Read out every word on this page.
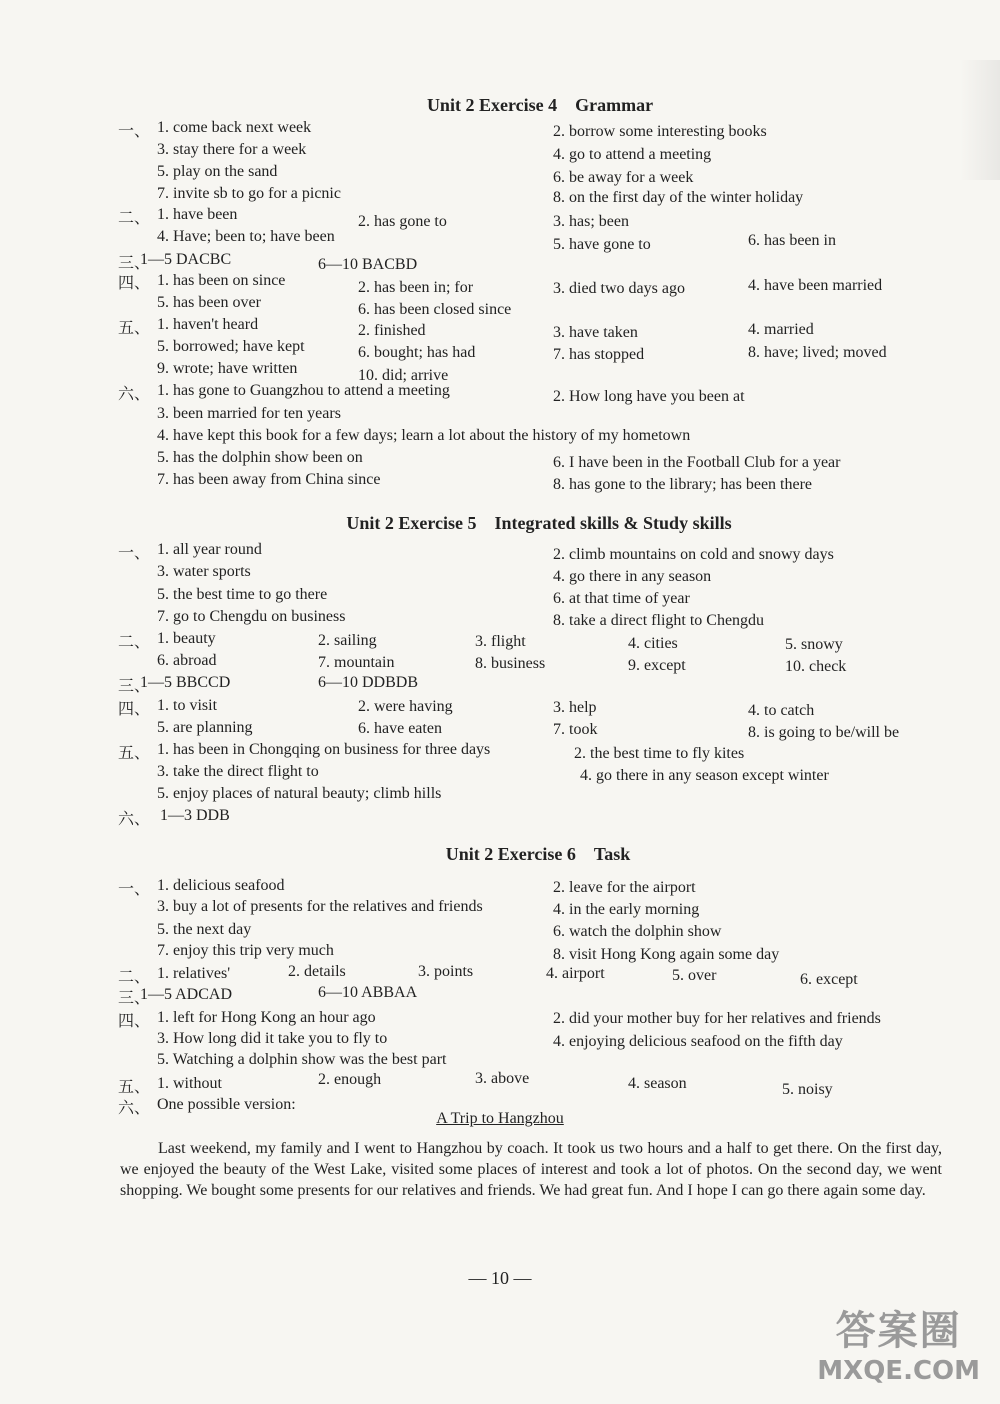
Unit 2 Exercise 4　Grammar
一、 1. come back next week	2. borrow some interesting books
3. stay there for a week	4. go to attend a meeting
5. play on the sand	6. be away for a week
7. invite sb to go for a picnic	8. on the first day of the winter holiday
二、 1. have been	2. has gone to	3. has; been
4. Have; been to; have been	5. have gone to	6. has been in
三、
1—5 DACBC	6—10 BACBD
四、 1. has been on since	2. has been in; for	3. died two days ago	4. have been married
5. has been over	6. has been closed since
五、 1. haven't heard	2. finished	3. have taken	4. married
5. borrowed; have kept	6. bought; has had	7. has stopped	8. have; lived; moved
9. wrote; have written	10. did; arrive
六、 1. has gone to Guangzhou to attend a meeting	2. How long have you been at
3. been married for ten years
4. have kept this book for a few days; learn a lot about the history of my hometown
5. has the dolphin show been on	6. I have been in the Football Club for a year
7. has been away from China since	8. has gone to the library; has been there
Unit 2 Exercise 5　Integrated skills & Study skills
一、 1. all year round	2. climb mountains on cold and snowy days
3. water sports	4. go there in any season
5. the best time to go there	6. at that time of year
7. go to Chengdu on business	8. take a direct flight to Chengdu
二、 1. beauty	2. sailing	3. flight	4. cities	5. snowy
6. abroad	7. mountain	8. business	9. except	10. check
三、
1—5 BBCCD	6—10 DDBDB
四、 1. to visit	2. were having	3. help	4. to catch
5. are planning	6. have eaten	7. took	8. is going to be/will be
五、 1. has been in Chongqing on business for three days	2. the best time to fly kites
3. take the direct flight to	4. go there in any season except winter
5. enjoy places of natural beauty; climb hills
六、 1—3 DDB
Unit 2 Exercise 6　Task
一、 1. delicious seafood	2. leave for the airport
3. buy a lot of presents for the relatives and friends	4. in the early morning
5. the next day	6. watch the dolphin show
7. enjoy this trip very much	8. visit Hong Kong again some day
二、 1. relatives'	2. details	3. points	4. airport	5. over	6. except
三、
1—5 ADCAD	6—10 ABBAA
四、 1. left for Hong Kong an hour ago	2. did your mother buy for her relatives and friends
3. How long did it take you to fly to	4. enjoying delicious seafood on the fifth day
5. Watching a dolphin show was the best part
五、 1. without	2. enough	3. above	4. season	5. noisy
六、 One possible version:
A Trip to Hangzhou
Last weekend, my family and I went to Hangzhou by coach. It took us two hours and a half to get there. On the first day, we enjoyed the beauty of the West Lake, visited some places of interest and took a lot of photos. On the second day, we went shopping. We bought some presents for our relatives and friends. We had great fun. And I hope I can go there again some day.
— 10 —
答案圈
MXQE.COM
